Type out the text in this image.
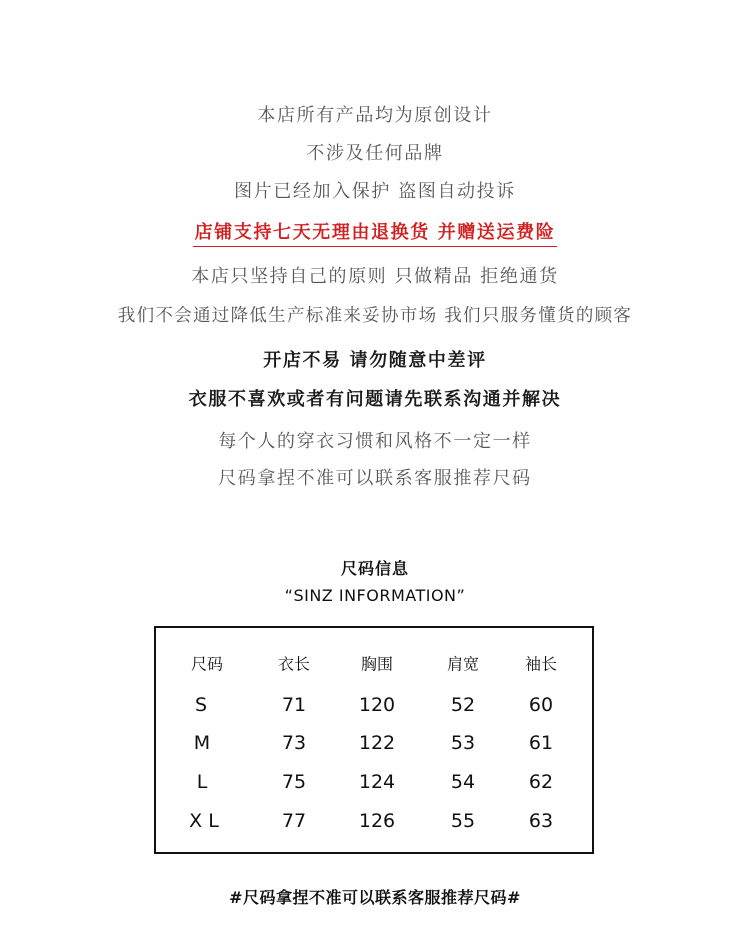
本店所有产品均为原创设计
不涉及任何品牌
图片已经加入保护 盗图自动投诉
店铺支持七天无理由退换货 并赠送运费险
本店只坚持自己的原则 只做精品 拒绝通货
我们不会通过降低生产标准来妥协市场 我们只服务懂货的顾客
开店不易 请勿随意中差评
衣服不喜欢或者有问题请先联系沟通并解决
每个人的穿衣习惯和风格不一定一样
尺码拿捏不准可以联系客服推荐尺码
尺码信息
“SINZ INFORMATION”
尺码	衣长	胸围	肩宽	袖长
S	71	120	52	60
M	73	122	53	61
L	75	124	54	62
X L	77	126	55	63
#尺码拿捏不准可以联系客服推荐尺码#
